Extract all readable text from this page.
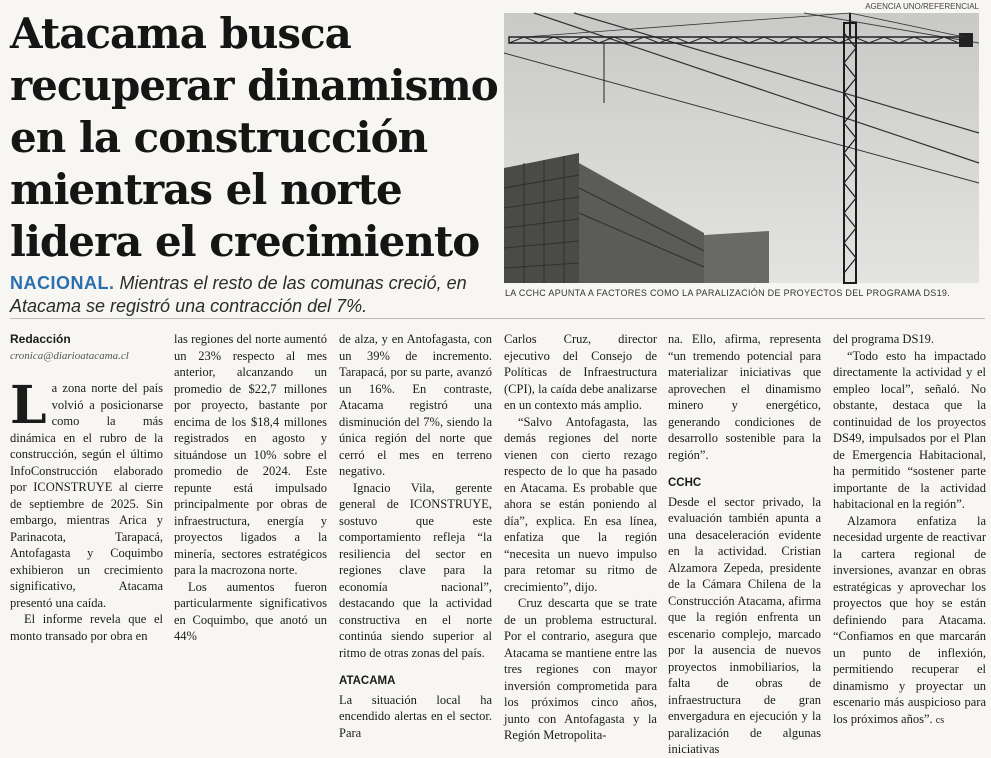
Atacama busca
recuperar dinamismo
en la construcción
mientras el norte
lidera el crecimiento
NACIONAL. Mientras el resto de las comunas creció, en Atacama se registró una contracción del 7%.
AGENCIA UNO/REFERENCIAL
LA CCHC APUNTA A FACTORES COMO LA PARALIZACIÓN DE PROYECTOS DEL PROGRAMA DS19.
Redacción
cronica@diarioatacama.cl

La zona norte del país volvió a posicionarse como la más dinámica en el rubro de la construcción, según el último InfoConstrucción elaborado por ICONSTRUYE al cierre de septiembre de 2025. Sin embargo, mientras Arica y Parinacota, Tarapacá, Antofagasta y Coquimbo exhibieron un crecimiento significativo, Atacama presentó una caída.

El informe revela que el monto transado por obra en

las regiones del norte aumentó un 23% respecto al mes anterior, alcanzando un promedio de $22,7 millones por proyecto, bastante por encima de los $18,4 millones registrados en agosto y situándose un 10% sobre el promedio de 2024. Este repunte está impulsado principalmente por obras de infraestructura, energía y proyectos ligados a la minería, sectores estratégicos para la macrozona norte.

Los aumentos fueron particularmente significativos en Coquimbo, que anotó un 44%

de alza, y en Antofagasta, con un 39% de incremento. Tarapacá, por su parte, avanzó un 16%. En contraste, Atacama registró una disminución del 7%, siendo la única región del norte que cerró el mes en terreno negativo.

Ignacio Vila, gerente general de ICONSTRUYE, sostuvo que este comportamiento refleja “la resiliencia del sector en regiones clave para la economía nacional”, destacando que la actividad constructiva en el norte continúa siendo superior al ritmo de otras zonas del país.

ATACAMA

La situación local ha encendido alertas en el sector. Para

Carlos Cruz, director ejecutivo del Consejo de Políticas de Infraestructura (CPI), la caída debe analizarse en un contexto más amplio.

“Salvo Antofagasta, las demás regiones del norte vienen con cierto rezago respecto de lo que ha pasado en Atacama. Es probable que ahora se están poniendo al día”, explica. En esa línea, enfatiza que la región “necesita un nuevo impulso para retomar su ritmo de crecimiento”, dijo.

Cruz descarta que se trate de un problema estructural. Por el contrario, asegura que Atacama se mantiene entre las tres regiones con mayor inversión comprometida para los próximos cinco años, junto con Antofagasta y la Región Metropolita-

na. Ello, afirma, representa “un tremendo potencial para materializar iniciativas que aprovechen el dinamismo minero y energético, generando condiciones de desarrollo sostenible para la región”.

CCHC

Desde el sector privado, la evaluación también apunta a una desaceleración evidente en la actividad. Cristian Alzamora Zepeda, presidente de la Cámara Chilena de la Construcción Atacama, afirma que la región enfrenta un escenario complejo, marcado por la ausencia de nuevos proyectos inmobiliarios, la falta de obras de infraestructura de gran envergadura en ejecución y la paralización de algunas iniciativas

del programa DS19.

“Todo esto ha impactado directamente la actividad y el empleo local”, señaló. No obstante, destaca que la continuidad de los proyectos DS49, impulsados por el Plan de Emergencia Habitacional, ha permitido “sostener parte importante de la actividad habitacional en la región”.

Alzamora enfatiza la necesidad urgente de reactivar la cartera regional de inversiones, avanzar en obras estratégicas y aprovechar los proyectos que hoy se están definiendo para Atacama. “Confiamos en que marcarán un punto de inflexión, permitiendo recuperar el dinamismo y proyectar un escenario más auspicioso para los próximos años”. cs
